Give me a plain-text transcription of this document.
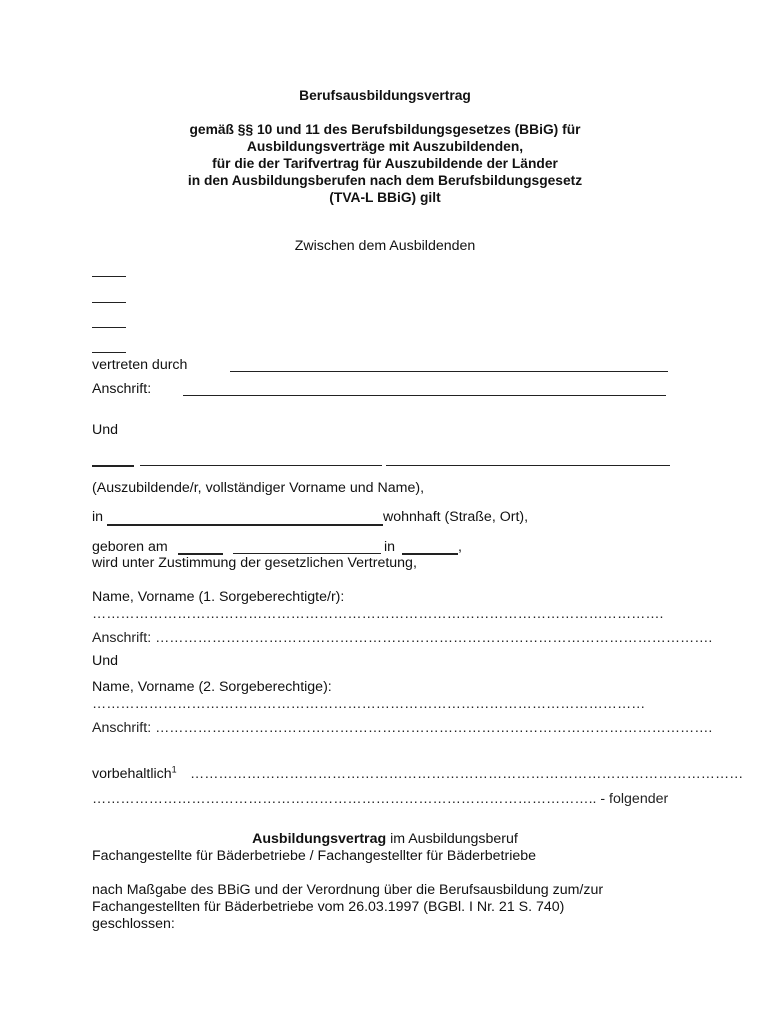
Berufsausbildungsvertrag
gemäß §§ 10 und 11 des Berufsbildungsgesetzes (BBiG) für
Ausbildungsverträge mit Auszubildenden,
für die der Tarifvertrag für Auszubildende der Länder
in den Ausbildungsberufen nach dem Berufsbildungsgesetz
(TVA-L BBiG) gilt
Zwischen dem Ausbildenden
vertreten durch
Anschrift:
Und
(Auszubildende/r, vollständiger Vorname und Name),
in	wohnhaft (Straße, Ort),
geboren am	in	,
wird unter Zustimmung der gesetzlichen Vertretung,
Name, Vorname (1. Sorgeberechtigte/r):
………………………………………………………………………………………………………….
Anschrift: ……………………………………………………………………………………………………….
Und
Name, Vorname (2. Sorgeberechtige):
………………………………………………………………………………………………………
Anschrift: ……………………………………………………………………………………………………….
vorbehaltlich$^1$ ………………………………………………………………………………………………………
…………………………………………………………………………………………….. - folgender
Ausbildungsvertrag im Ausbildungsberuf
Fachangestellte für Bäderbetriebe / Fachangestellter für Bäderbetriebe
nach Maßgabe des BBiG und der Verordnung über die Berufsausbildung zum/zur
Fachangestellten für Bäderbetriebe vom 26.03.1997 (BGBl. I Nr. 21 S. 740)
geschlossen:
